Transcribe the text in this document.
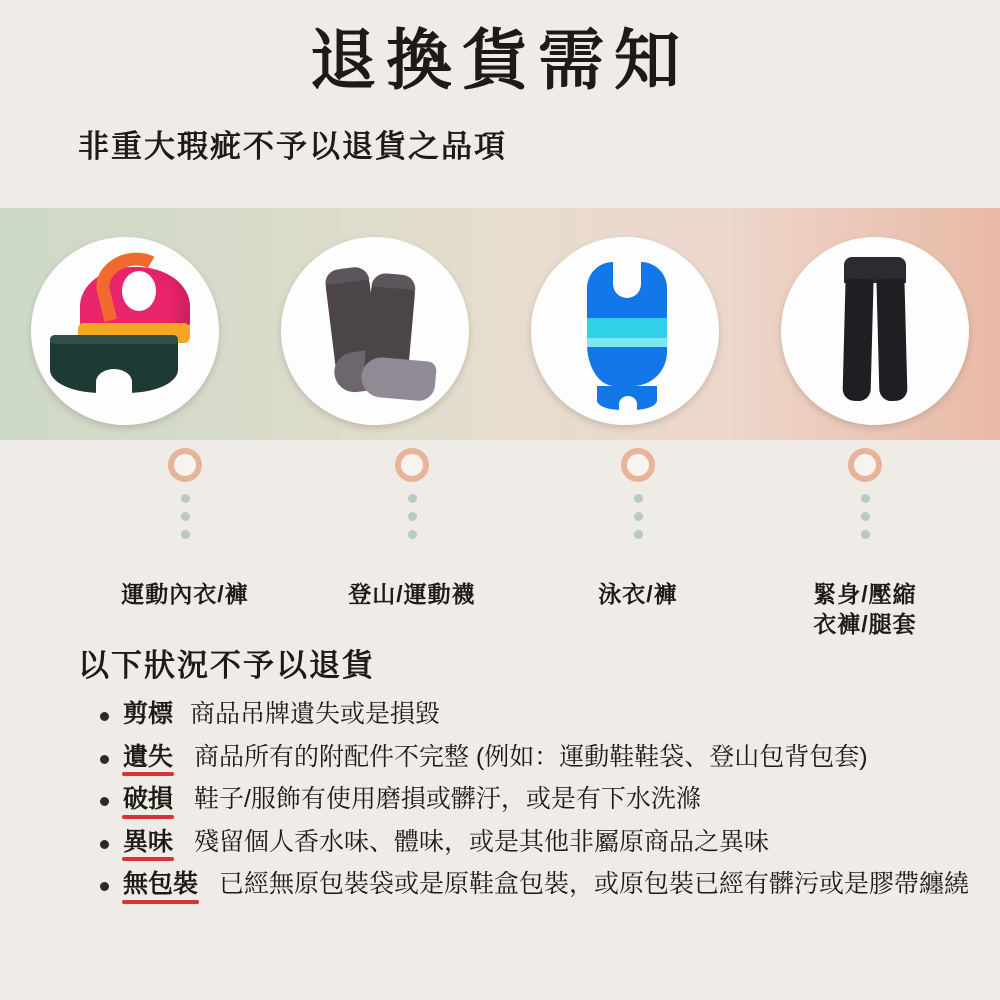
退換貨需知
非重大瑕疵不予以退貨之品項
運動內衣/褲	登山/運動襪	泳衣/褲	緊身/壓縮
衣褲/腿套
以下狀況不予以退貨
剪標 商品吊牌遺失或是損毀
遺失 商品所有的附配件不完整 (例如：運動鞋鞋袋、登山包背包套)
破損 鞋子/服飾有使用磨損或髒汙，或是有下水洗滌
異味 殘留個人香水味、體味，或是其他非屬原商品之異味
無包裝 已經無原包裝袋或是原鞋盒包裝，或原包裝已經有髒污或是膠帶纏繞
